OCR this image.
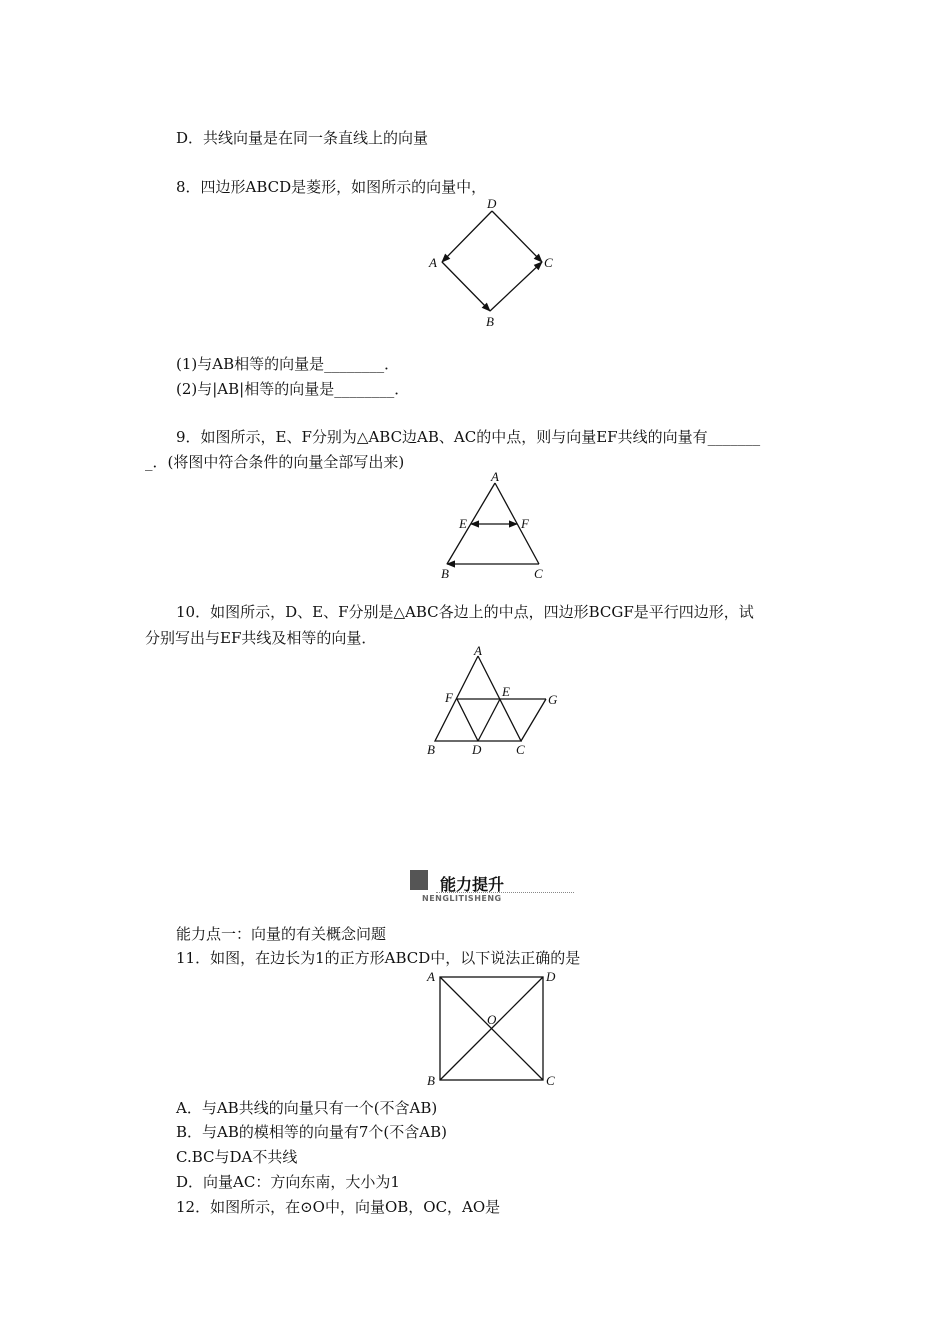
D．共线向量是在同一条直线上的向量
8．四边形ABCD是菱形，如图所示的向量中，
D
A	C
B
(1)与AB相等的向量是________．
(2)与|AB|相等的向量是________．
9．如图所示，E、F分别为△ABC边AB、AC的中点，则与向量EF共线的向量有_______
_．(将图中符合条件的向量全部写出来)
A
E	F
B	C
10．如图所示，D、E、F分别是△ABC各边上的中点，四边形BCGF是平行四边形，试
分别写出与EF共线及相等的向量．
A
F	E
G
B	D	C
能力提升
NENGLITISHENG
能力点一：向量的有关概念问题
11．如图，在边长为1的正方形ABCD中，以下说法正确的是
A	D
O
B	C
A．与AB共线的向量只有一个(不含AB)
B．与AB的模相等的向量有7个(不含AB)
C.BC与DA不共线
D．向量AC：方向东南，大小为1
12．如图所示，在⊙O中，向量OB，OC，AO是
